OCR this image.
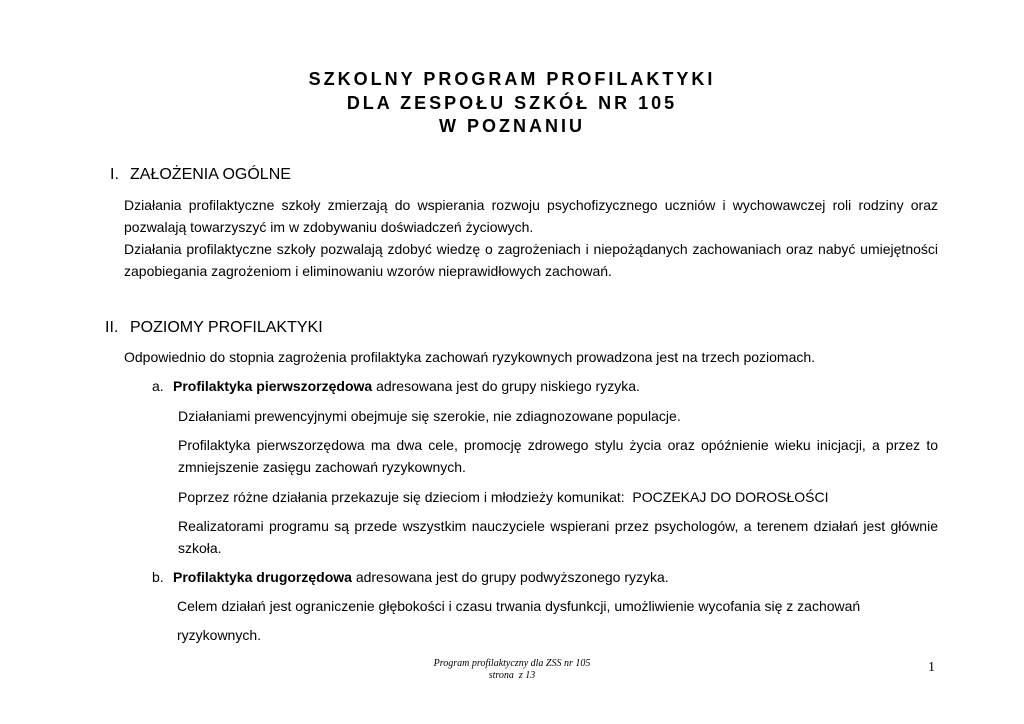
SZKOLNY PROGRAM PROFILAKTYKI
DLA ZESPOŁU SZKÓŁ NR 105
W POZNANIU
I. ZAŁOŻENIA OGÓLNE
Działania profilaktyczne szkoły zmierzają do wspierania rozwoju psychofizycznego uczniów i wychowawczej roli rodziny oraz pozwalają towarzyszyć im w zdobywaniu doświadczeń życiowych.
Działania profilaktyczne szkoły pozwalają zdobyć wiedzę o zagrożeniach i niepożądanych zachowaniach oraz nabyć umiejętności zapobiegania zagrożeniom i eliminowaniu wzorów nieprawidłowych zachowań.
II. POZIOMY PROFILAKTYKI
Odpowiednio do stopnia zagrożenia profilaktyka zachowań ryzykownych prowadzona jest na trzech poziomach.
a. Profilaktyka pierwszorzędowa adresowana jest do grupy niskiego ryzyka.
Działaniami prewencyjnymi obejmuje się szerokie, nie zdiagnozowane populacje.
Profilaktyka pierwszorzędowa ma dwa cele, promocję zdrowego stylu życia oraz opóźnienie wieku inicjacji, a przez to zmniejszenie zasięgu zachowań ryzykownych.
Poprzez różne działania przekazuje się dzieciom i młodzieży komunikat:  POCZEKAJ DO DOROSŁOŚCI
Realizatorami programu są przede wszystkim nauczyciele wspierani przez psychologów, a terenem działań jest głównie szkoła.
b. Profilaktyka drugorzędowa adresowana jest do grupy podwyższonego ryzyka.
Celem działań jest ograniczenie głębokości i czasu trwania dysfunkcji, umożliwienie wycofania się z zachowań
ryzykownych.
Program profilaktyczny dla ZSS nr 105
strona  z 13
1
